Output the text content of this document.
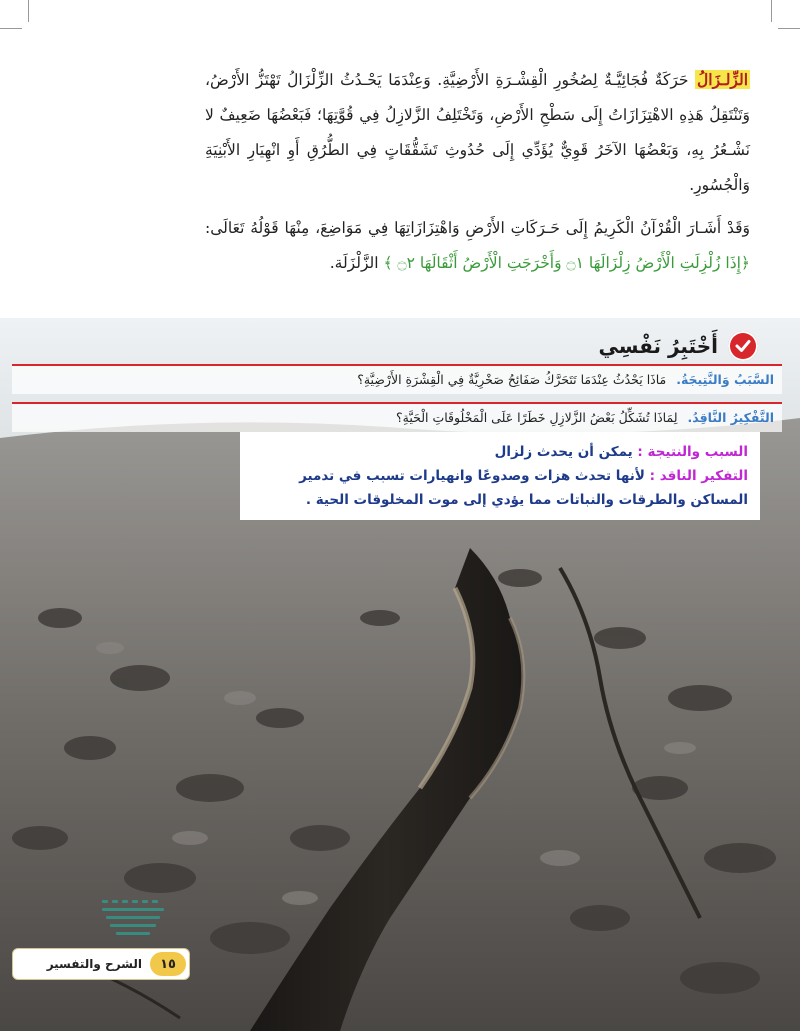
الزِّلـزَالُ حَرَكَةٌ فُجَائِيَّـةٌ لِصُخُورِ الْقِشْـرَةِ الأَرْضِيَّةِ. وَعِنْدَمَا يَحْـدُثُ الزِّلْزَالُ تَهْتَزُّ الأَرْضُ، وَتَنْتَقِلُ هَذِهِ الاهْتِزَازَاتُ إِلَى سَطْحِ الأَرْضِ، وَتَخْتَلِفُ الزَّلازِلُ فِي قُوَّتِهَا؛ فَبَعْضُهَا ضَعِيفٌ لا نَشْـعُرُ بِهِ، وَبَعْضُهَا الآخَرُ قَوِيٌّ يُؤَدِّي إِلَى حُدُوثِ تَشَقُّقَاتٍ فِي الطُّرُقِ أَوِ انْهِيَارِ الأَبْنِيَةِ وَالْجُسُورِ.

وَقَدْ أَشَـارَ الْقُرْآنُ الْكَرِيمُ إِلَى حَـرَكَاتِ الأَرْضِ وَاهْتِزَازَاتِهَا فِي مَوَاضِعَ، مِنْهَا قَوْلُهُ تَعَالَى: ﴿إِذَا زُلْزِلَتِ الْأَرْضُ زِلْزَالَهَا ۝١ وَأَخْرَجَتِ الْأَرْضُ أَثْقَالَهَا ۝٢ ﴾ الزَّلْزَلَة.

أَخْتَبِرُ نَفْسِي
السَّبَبُ وَالنَّتِيجَةُ. مَاذَا يَحْدُثُ عِنْدَمَا تَتَحَرَّكُ صَفَائِحُ صَخْرِيَّةٌ فِي الْقِشْرَةِ الأَرْضِيَّةِ؟
التَّفْكِيرُ النَّاقِدُ. لِمَاذَا تُشَكِّلُ بَعْضُ الزَّلازِلِ خَطَرًا عَلَى الْمَخْلُوقَاتِ الْحَيَّةِ؟
السبب والنتيجة : يمكن أن يحدث زلزال
التفكير الناقد : لأنها تحدث هزات وصدوعًا وانهيارات تسبب في تدمير
المساكن والطرقات والنباتات مما يؤدي إلى موت المخلوقات الحية .
١٥
الشرح والتفسير
